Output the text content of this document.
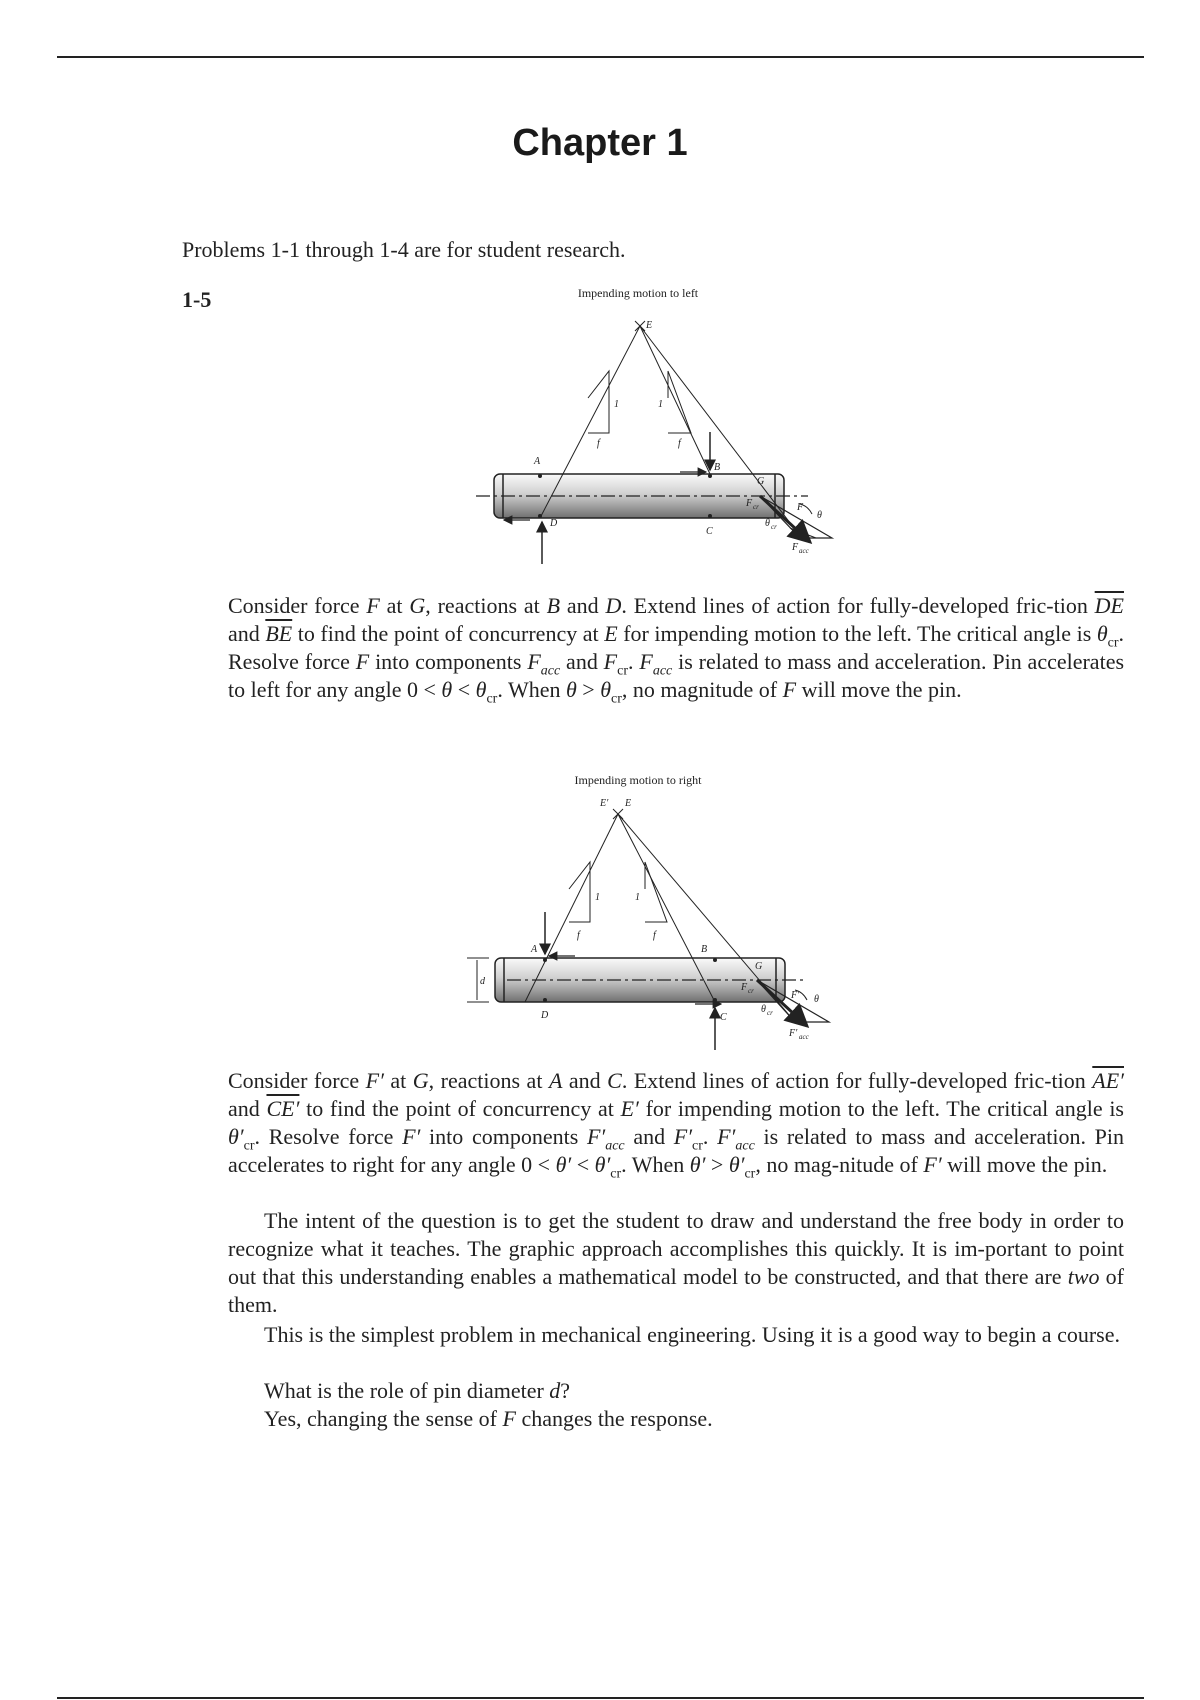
Chapter 1
Problems 1-1 through 1-4 are for student research.
1-5	Impending motion to left
1
f
1
f
E
A
B
C
D
G
F
θ
F cr
θ cr
F acc

Consider force F at G, reactions at B and D. Extend lines of action for fully-developed fric-tion $\overline{DE}$ and $\overline{BE}$ to find the point of concurrency at E for impending motion to the left. The critical angle is $\theta_{cr}$. Resolve force F into components $F_{acc}$ and $F_{cr}$. $F_{acc}$ is related to mass and acceleration. Pin accelerates to left for any angle $0 < \theta < \theta_{cr}$. When $\theta > \theta_{cr}$, no magnitude of F will move the pin.

Impending motion to right
d
1
f
1
f
E′ E
A	B
C
D
G
F′ θ
F cr
θ cr
F′ acc

Consider force F′ at G, reactions at A and C. Extend lines of action for fully-developed fric-tion AE′ and CE′ to find the point of concurrency at E′ for impending motion to the left. The critical angle is $\theta'_{cr}$. Resolve force F′ into components $F'_{acc}$ and $F'_{cr}$. $F'_{acc}$ is related to mass and acceleration. Pin accelerates to right for any angle $0 < \theta' < \theta'_{cr}$. When $\theta' > \theta'_{cr}$, no mag-nitude of F′ will move the pin.

The intent of the question is to get the student to draw and understand the free body in order to recognize what it teaches. The graphic approach accomplishes this quickly. It is im-portant to point out that this understanding enables a mathematical model to be constructed, and that there are two of them.

This is the simplest problem in mechanical engineering. Using it is a good way to begin a course.

What is the role of pin diameter d?

Yes, changing the sense of F changes the response.
